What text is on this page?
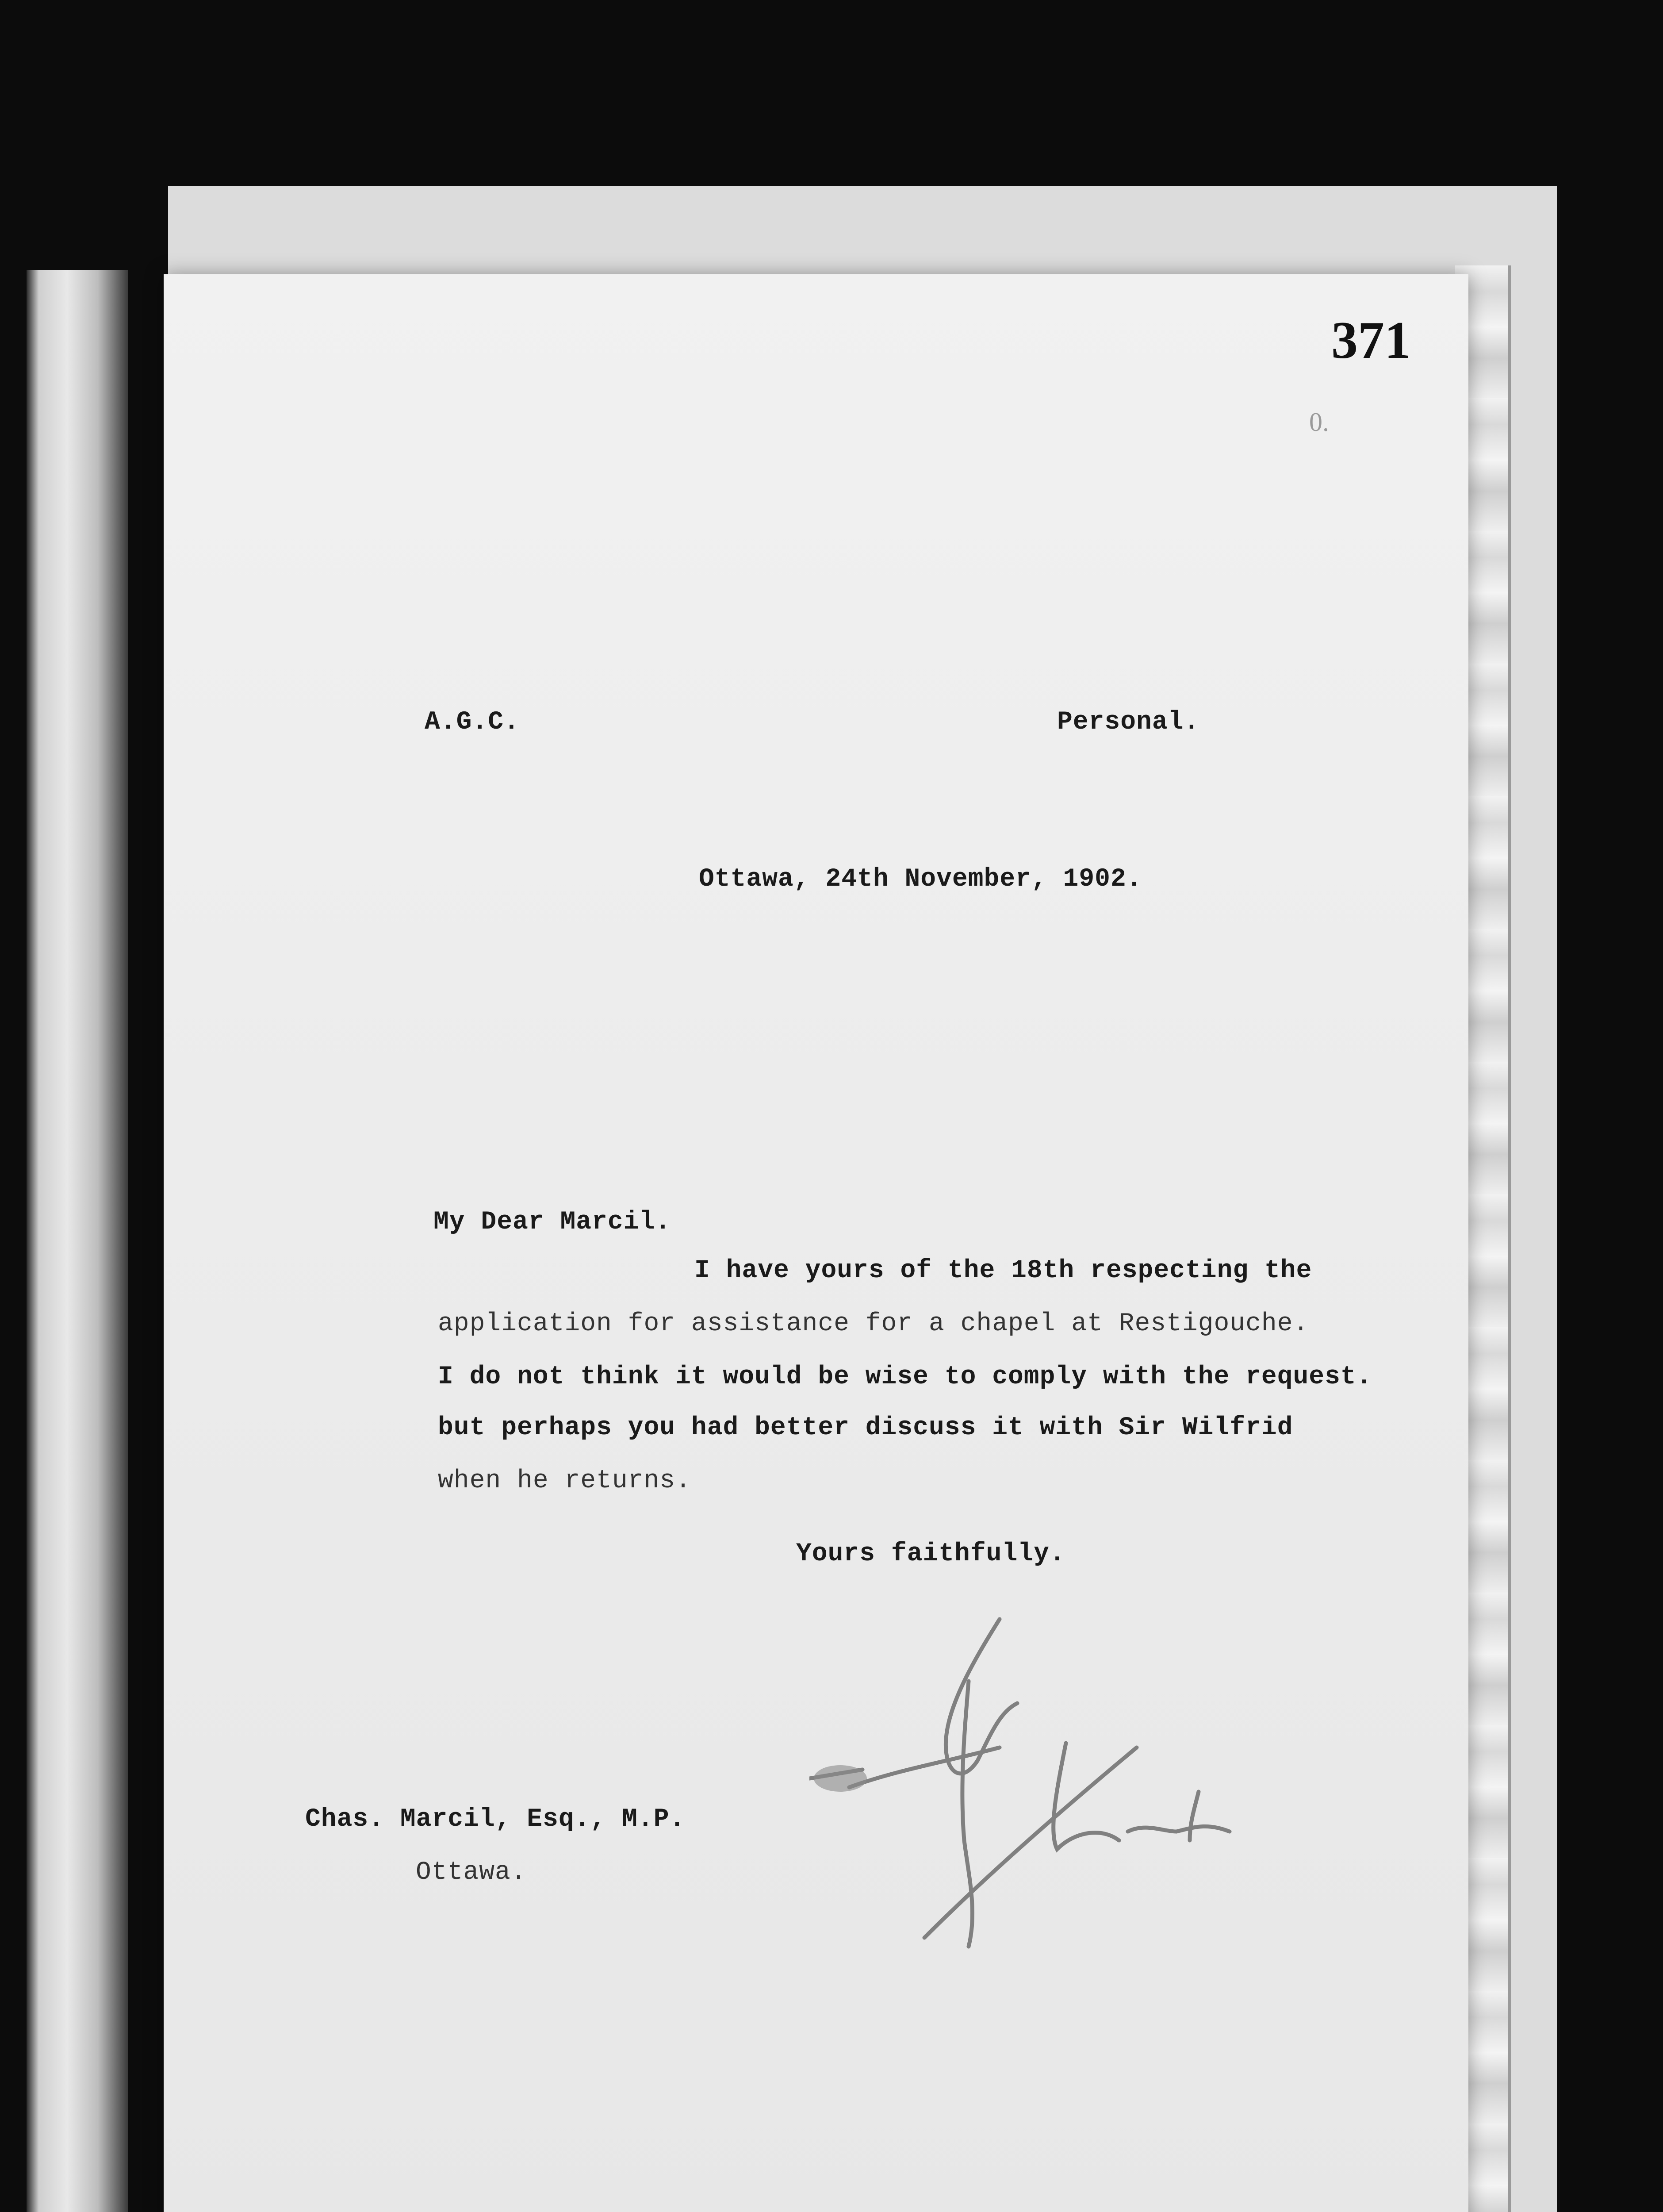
371
0.
A.G.C.	Personal.
Ottawa, 24th November, 1902.
My Dear Marcil.
I have yours of the 18th respecting the
application for assistance for a chapel at Restigouche.
I do not think it would be wise to comply with the request.
but perhaps you had better discuss it with Sir Wilfrid
when he returns.
Yours faithfully.
Chas. Marcil, Esq., M.P.
Ottawa.
